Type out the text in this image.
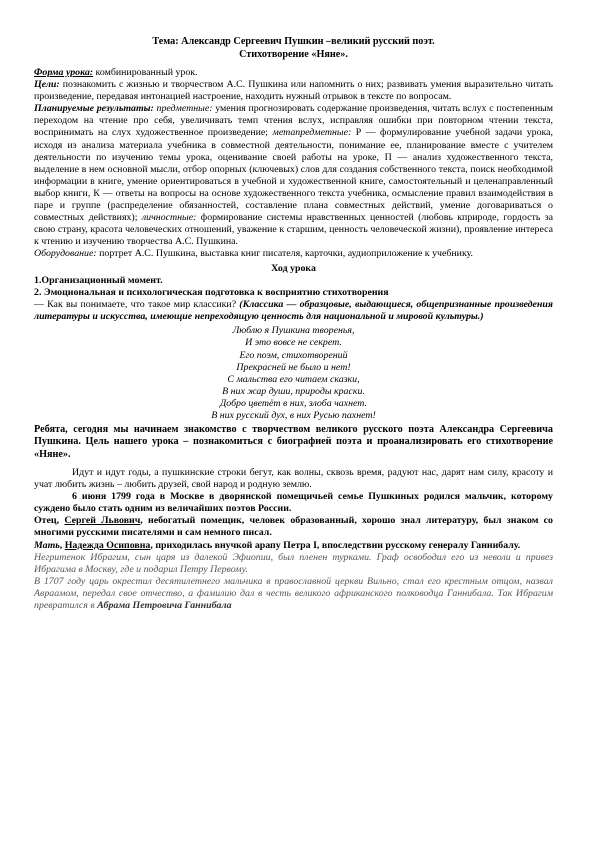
Тема: Александр Сергеевич Пушкин –великий русский поэт.
Стихотворение «Няне».

Форма урока: комбинированный урок.

Цели: познакомить с жизнью и творчеством А.С. Пушкина или напомнить о них; развивать умения выразительно читать произведение, передавая интонацией настроение, находить нужный отрывок в тексте по вопросам.

Планируемые результаты: предметные: умения прогнозировать содержание произведения, читать вслух с постепенным переходом на чтение про себя, увеличивать темп чтения вслух, исправляя ошибки при повторном чтении текста, воспринимать на слух художественное произведение; метапредметные: Р — формулирование учебной задачи урока, исходя из анализа материала учебника в совместной деятельности, понимание ее, планирование вместе с учителем деятельности по изучению темы урока, оценивание своей работы на уроке, П — анализ художественного текста, выделение в нем основной мысли, отбор опорных (ключевых) слов для создания собственного текста, поиск необходимой информации в книге, умение ориентироваться в учебной и художественной книге, самостоятельный и целенаправленный выбор книги, К — ответы на вопросы на основе художественного текста учебника, осмысление правил взаимодействия в паре и группе (распределение обязанностей, составление плана совместных действий, умение договариваться о совместных действиях); личностные: формирование системы нравственных ценностей (любовь кприроде, гордость за свою страну, красота человеческих отношений, уважение к старшим, ценность человеческой жизни), проявление интереса к чтению и изучению творчества А.С. Пушкина.

Оборудование: портрет А.С. Пушкина, выставка книг писателя, карточки, аудиоприложение к учебнику.

Ход урока

1.Организационный момент.

2. Эмоциональная и психологическая подготовка к восприятию стихотворения

— Как вы понимаете, что такое мир классики? (Классика — образцовые, выдающиеся, общепризнанные произведения литературы и искусства, имеющие непреходящую ценность для национальной и мировой культуры.)

Люблю я Пушкина творенья,
И это вовсе не секрет.
Его поэм, стихотворений
Прекрасней не было и нет!
С мальства его читаем сказки,
В них жар души, природы краски.
Добро цветёт в них, злоба чахнет.
В них русский дух, в них Русью пахнет!

Ребята, сегодня мы начинаем знакомство с творчеством великого русского поэта Александра Сергеевича Пушкина. Цель нашего урока – познакомиться с биографией поэта и проанализировать его стихотворение «Няне».

Идут и идут годы, а пушкинские строки бегут, как волны, сквозь время, радуют нас, дарят нам силу, красоту и учат любить жизнь – любить друзей, свой народ и родную землю.

6 июня 1799 года в Москве в дворянской помещичьей семье Пушкиных родился мальчик, которому суждено было стать одним из величайших поэтов России.

Отец, Сергей Львович, небогатый помещик, человек образованный, хорошо знал литературу, был знаком со многими русскими писателями и сам немного писал.

Мать, Надежда Осиповна, приходилась внучкой арапу Петра I, впоследствии русскому генералу Ганнибалу.

Негритенок Ибрагим, сын царя из далекой Эфиопии, был пленен турками. Граф освободил его из неволи и привез Ибрагима в Москву, где и подарил Петру Первому.

В 1707 году царь окрестил десятилетнего мальчика в православной церкви Вильно, стал его крестным отцом, назвал Авраамом, передал свое отчество, а фамилию дал в честь великого африканского полководца Ганнибала. Так Ибрагим превратился в Абрама Петровича Ганнибала
